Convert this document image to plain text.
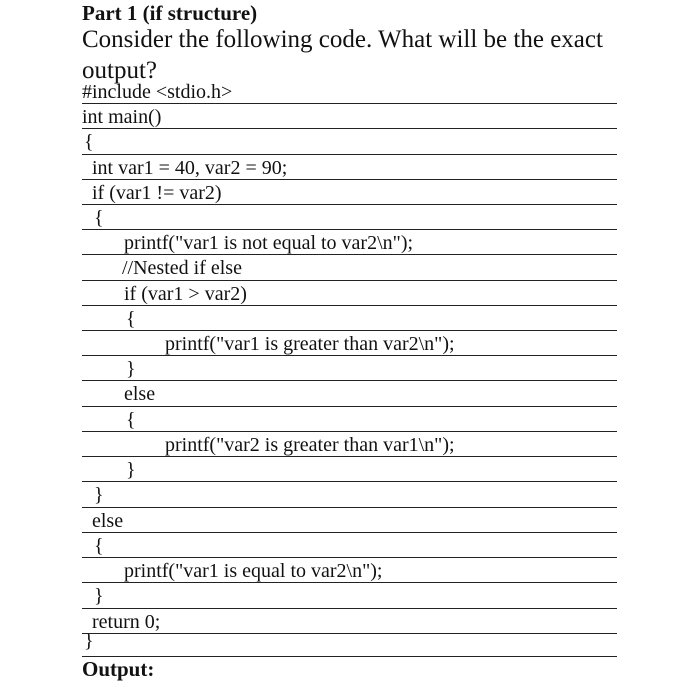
Part 1 (if structure)
Consider the following code. What will be the exact output?
#include <stdio.h>
int main()
{
int var1 = 40, var2 = 90;
if (var1 != var2)
{
printf("var1 is not equal to var2\n");
//Nested if else
if (var1 > var2)
{
printf("var1 is greater than var2\n");
}
else
{
printf("var2 is greater than var1\n");
}
}
else
{
printf("var1 is equal to var2\n");
}
return 0;
}
Output:
